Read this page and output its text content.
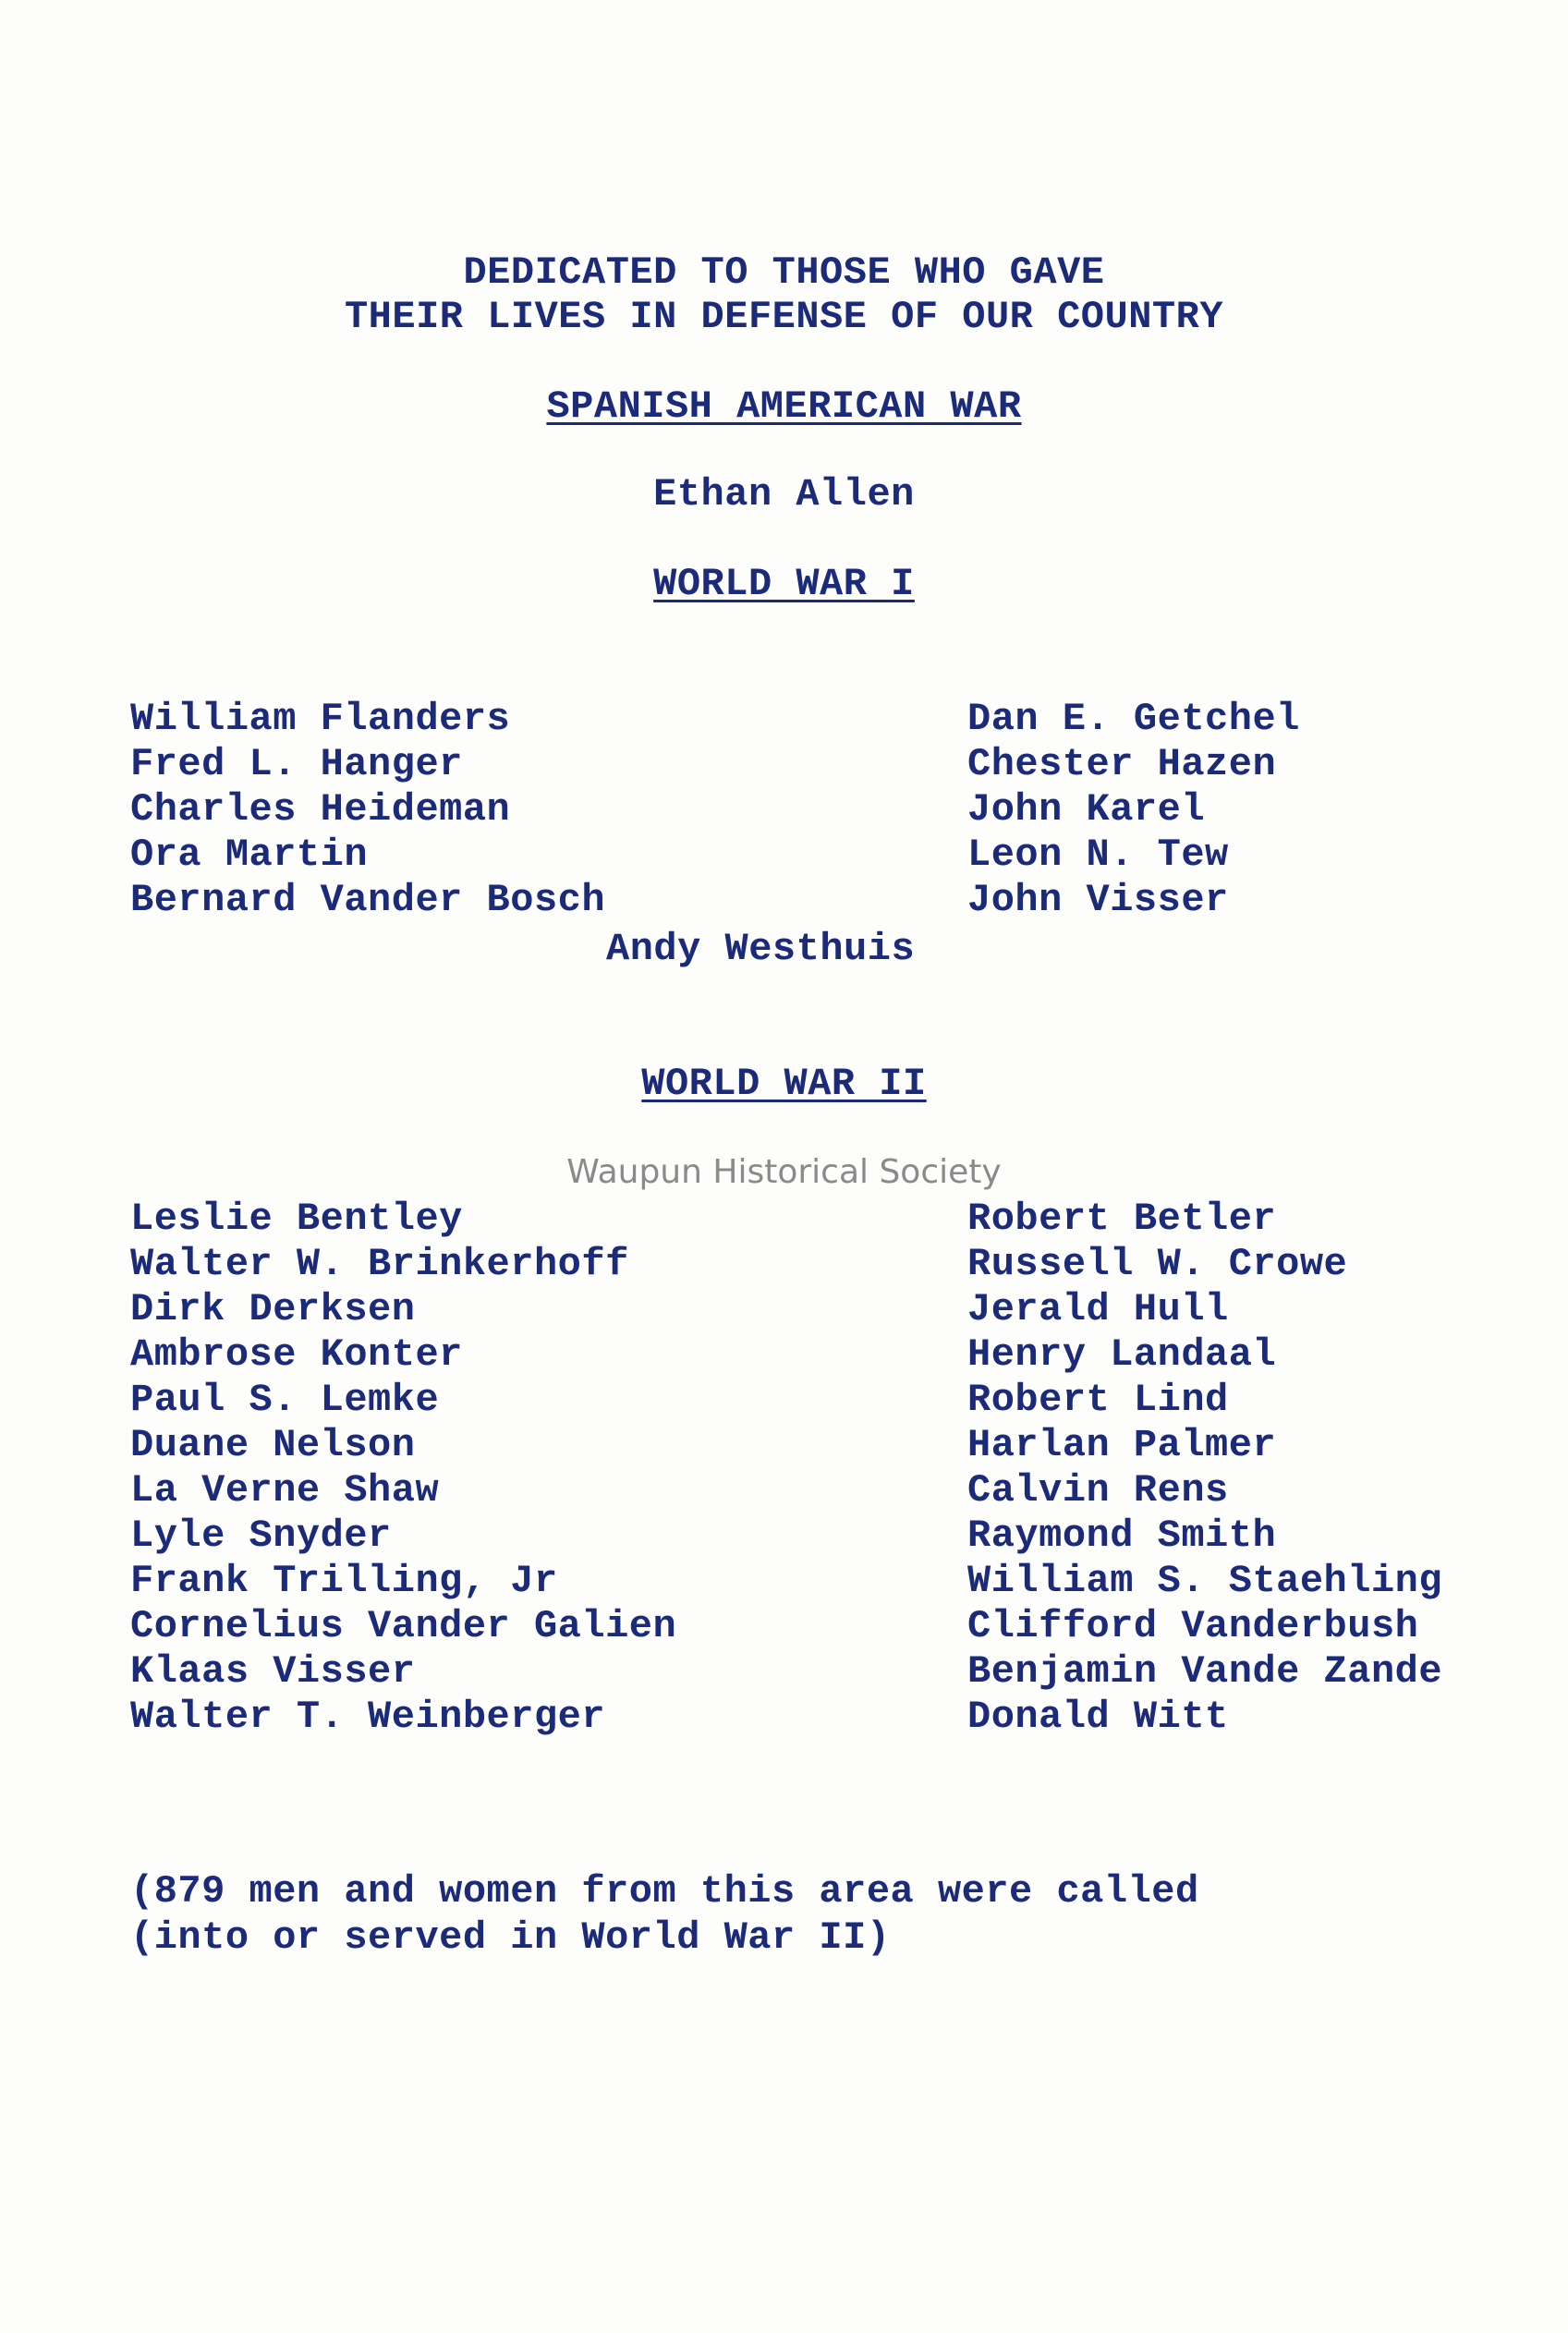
DEDICATED TO THOSE WHO GAVE
THEIR LIVES IN DEFENSE OF OUR COUNTRY
SPANISH AMERICAN WAR
Ethan Allen
WORLD WAR I
William Flanders
Fred L. Hanger
Charles Heideman
Ora Martin
Bernard Vander Bosch
Dan E. Getchel
Chester Hazen
John Karel
Leon N. Tew
John Visser
Andy Westhuis
WORLD WAR II
Waupun Historical Society
Leslie Bentley
Walter W. Brinkerhoff
Dirk Derksen
Ambrose Konter
Paul S. Lemke
Duane Nelson
La Verne Shaw
Lyle Snyder
Frank Trilling, Jr
Cornelius Vander Galien
Klaas Visser
Walter T. Weinberger
Robert Betler
Russell W. Crowe
Jerald Hull
Henry Landaal
Robert Lind
Harlan Palmer
Calvin Rens
Raymond Smith
William S. Staehling
Clifford Vanderbush
Benjamin Vande Zande
Donald Witt
(879 men and women from this area were called
(into or served in World War II)
